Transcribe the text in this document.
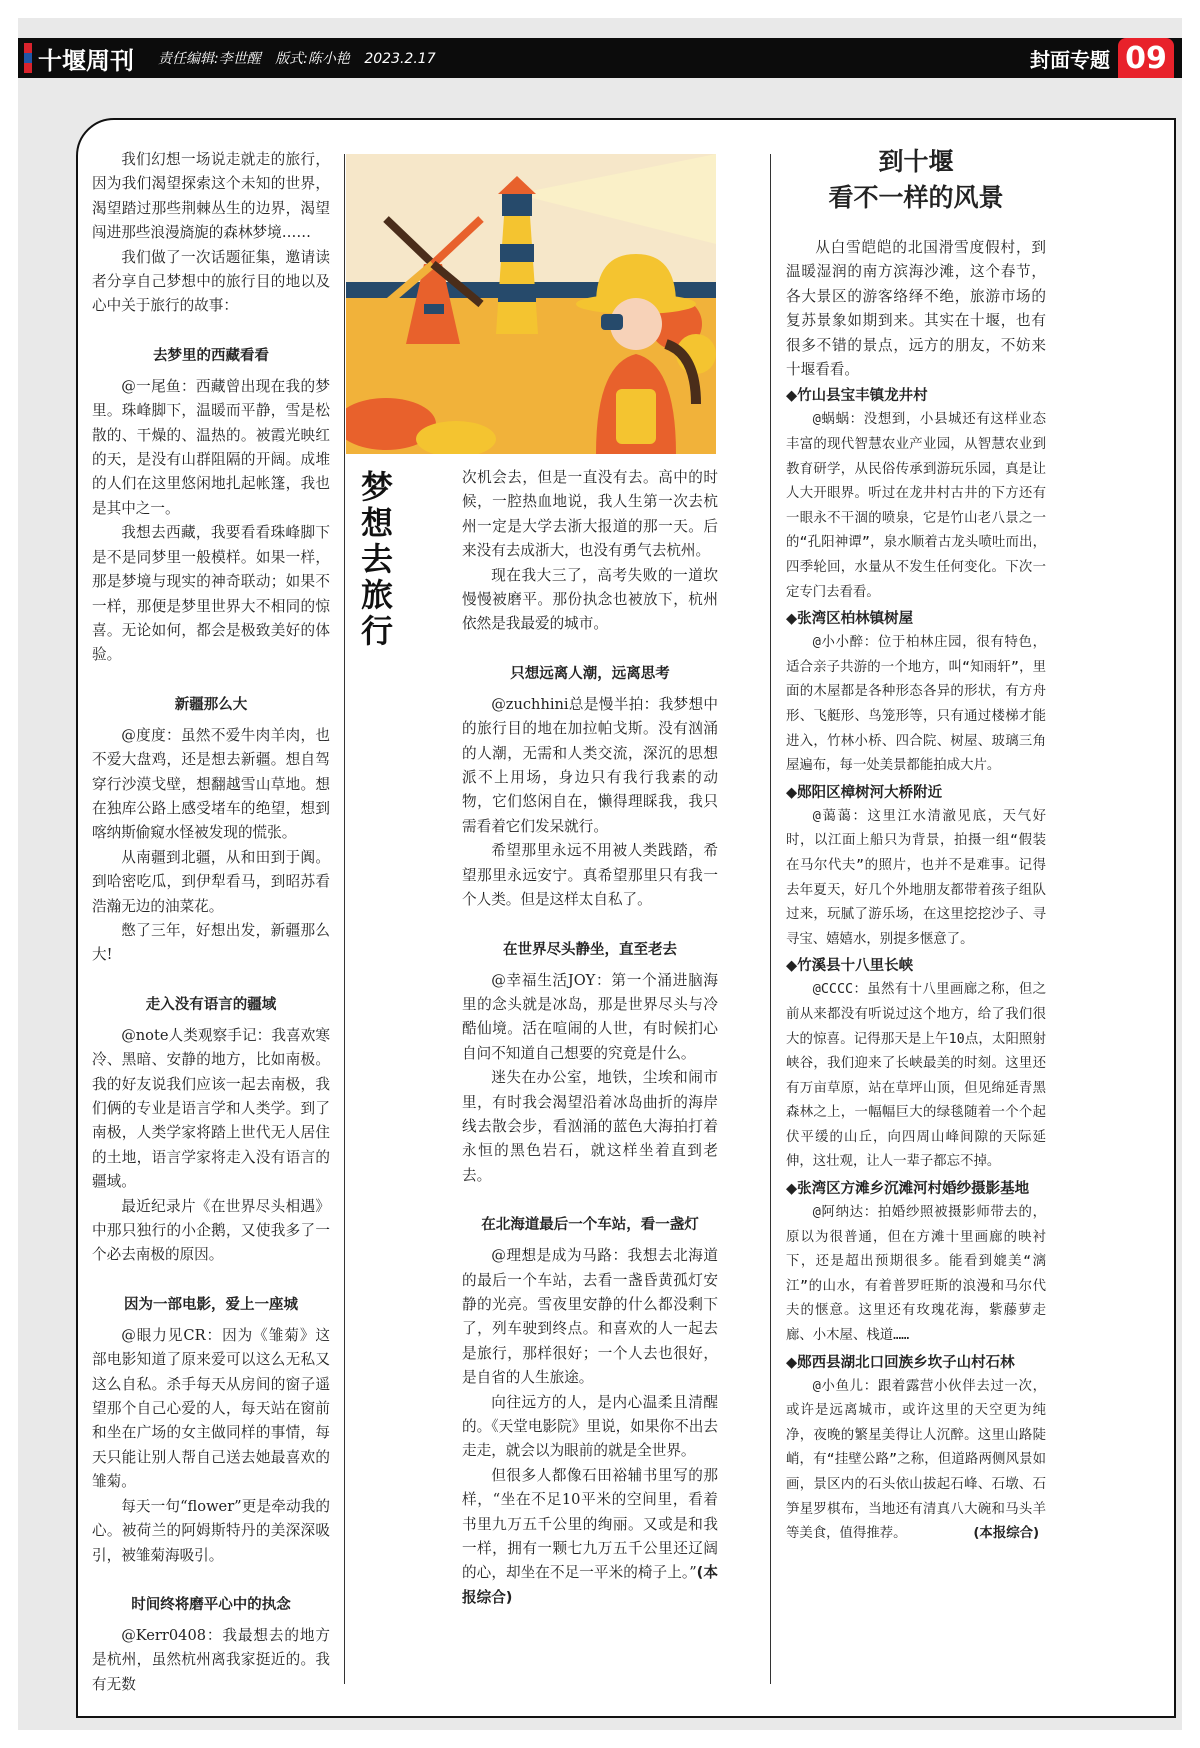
十堰周刊 责任编辑:李世醒 版式:陈小艳 2023.2.17	封面专题 09

我们幻想一场说走就走的旅行，因为我们渴望探索这个未知的世界，渴望踏过那些荆棘丛生的边界，渴望闯进那些浪漫旖旎的森林梦境……

我们做了一次话题征集，邀请读者分享自己梦想中的旅行目的地以及心中关于旅行的故事：

去梦里的西藏看看

@一尾鱼：西藏曾出现在我的梦里。珠峰脚下，温暖而平静，雪是松散的、干燥的、温热的。被霞光映红的天，是没有山群阻隔的开阔。成堆的人们在这里悠闲地扎起帐篷，我也是其中之一。

我想去西藏，我要看看珠峰脚下是不是同梦里一般模样。如果一样，那是梦境与现实的神奇联动；如果不一样，那便是梦里世界大不相同的惊喜。无论如何，都会是极致美好的体验。

新疆那么大

@度度：虽然不爱牛肉羊肉，也不爱大盘鸡，还是想去新疆。想自驾穿行沙漠戈壁，想翻越雪山草地。想在独库公路上感受堵车的绝望，想到喀纳斯偷窥水怪被发现的慌张。

从南疆到北疆，从和田到于阗。到哈密吃瓜，到伊犁看马，到昭苏看浩瀚无边的油菜花。

憋了三年，好想出发，新疆那么大!

走入没有语言的疆域

@note人类观察手记：我喜欢寒冷、黑暗、安静的地方，比如南极。我的好友说我们应该一起去南极，我们俩的专业是语言学和人类学。到了南极，人类学家将踏上世代无人居住的土地，语言学家将走入没有语言的疆域。

最近纪录片《在世界尽头相遇》中那只独行的小企鹅，又使我多了一个必去南极的原因。

因为一部电影，爱上一座城

@眼力见CR：因为《雏菊》这部电影知道了原来爱可以这么无私又这么自私。杀手每天从房间的窗子遥望那个自己心爱的人，每天站在窗前和坐在广场的女主做同样的事情，每天只能让别人帮自己送去她最喜欢的雏菊。

每天一句“flower”更是牵动我的心。被荷兰的阿姆斯特丹的美深深吸引，被雏菊海吸引。

时间终将磨平心中的执念

@Kerr0408：我最想去的地方是杭州，虽然杭州离我家挺近的。我有无数

梦想去旅行	次机会去，但是一直没有去。高中的时候，一腔热血地说，我人生第一次去杭州一定是大学去浙大报道的那一天。后来没有去成浙大，也没有勇气去杭州。

现在我大三了，高考失败的一道坎慢慢被磨平。那份执念也被放下，杭州依然是我最爱的城市。

只想远离人潮，远离思考

@zuchhini总是慢半拍：我梦想中的旅行目的地在加拉帕戈斯。没有汹涌的人潮，无需和人类交流，深沉的思想派不上用场，身边只有我行我素的动物，它们悠闲自在，懒得理睬我，我只需看着它们发呆就行。

希望那里永远不用被人类践踏，希望那里永远安宁。真希望那里只有我一个人类。但是这样太自私了。

在世界尽头静坐，直至老去

@幸福生活JOY：第一个涌进脑海里的念头就是冰岛，那是世界尽头与冷酷仙境。活在喧闹的人世，有时候扪心自问不知道自己想要的究竟是什么。

迷失在办公室，地铁，尘埃和闹市里，有时我会渴望沿着冰岛曲折的海岸线去散会步，看汹涌的蓝色大海拍打着永恒的黑色岩石，就这样坐着直到老去。

在北海道最后一个车站，看一盏灯

@理想是成为马路：我想去北海道的最后一个车站，去看一盏昏黄孤灯安静的光亮。雪夜里安静的什么都没剩下了，列车驶到终点。和喜欢的人一起去是旅行，那样很好；一个人去也很好，是自省的人生旅途。

向往远方的人，是内心温柔且清醒的。《天堂电影院》里说，如果你不出去走走，就会以为眼前的就是全世界。

但很多人都像石田裕辅书里写的那样，“坐在不足10平米的空间里，看着书里九万五千公里的绚丽。又或是和我一样，拥有一颗七九万五千公里还辽阔的心，却坐在不足一平米的椅子上。”(本报综合)

到十堰
看不一样的风景

从白雪皑皑的北国滑雪度假村，到温暖湿润的南方滨海沙滩，这个春节，各大景区的游客络绎不绝，旅游市场的复苏景象如期到来。其实在十堰，也有很多不错的景点，远方的朋友，不妨来十堰看看。

◆竹山县宝丰镇龙井村

@蜗蜗：没想到，小县城还有这样业态丰富的现代智慧农业产业园，从智慧农业到教育研学，从民俗传承到游玩乐园，真是让人大开眼界。听过在龙井村古井的下方还有一眼永不干涸的喷泉，它是竹山老八景之一的“孔阳神谭”，泉水顺着古龙头喷吐而出，四季轮回，水量从不发生任何变化。下次一定专门去看看。

◆张湾区柏林镇树屋

@小小醉：位于柏林庄园，很有特色，适合亲子共游的一个地方，叫“知雨轩”，里面的木屋都是各种形态各异的形状，有方舟形、飞艇形、鸟笼形等，只有通过楼梯才能进入，竹林小桥、四合院、树屋、玻璃三角屋遍布，每一处美景都能拍成大片。

◆郧阳区樟树河大桥附近

@蔼蔼：这里江水清澈见底，天气好时，以江面上船只为背景，拍摄一组“假装在马尔代夫”的照片，也并不是难事。记得去年夏天，好几个外地朋友都带着孩子组队过来，玩腻了游乐场，在这里挖挖沙子、寻寻宝、嬉嬉水，别提多惬意了。

◆竹溪县十八里长峡

@CCCC：虽然有十八里画廊之称，但之前从来都没有听说过这个地方，给了我们很大的惊喜。记得那天是上午10点，太阳照射峡谷，我们迎来了长峡最美的时刻。这里还有万亩草原，站在草坪山顶，但见绵延青黑森林之上，一幅幅巨大的绿毯随着一个个起伏平缓的山丘，向四周山峰间隙的天际延伸，这壮观，让人一辈子都忘不掉。

◆张湾区方滩乡沉滩河村婚纱摄影基地

@阿纳达：拍婚纱照被摄影师带去的，原以为很普通，但在方滩十里画廊的映衬下，还是超出预期很多。能看到媲美“漓江”的山水，有着普罗旺斯的浪漫和马尔代夫的惬意。这里还有玫瑰花海，紫藤萝走廊、小木屋、栈道……

◆郧西县湖北口回族乡坎子山村石林

@小鱼儿：跟着露营小伙伴去过一次，或许是远离城市，或许这里的天空更为纯净，夜晚的繁星美得让人沉醉。这里山路陡峭，有“挂壁公路”之称，但道路两侧风景如画，景区内的石头依山拔起石峰、石墩、石笋星罗棋布，当地还有清真八大碗和马头羊等美食，值得推荐。	(本报综合)
